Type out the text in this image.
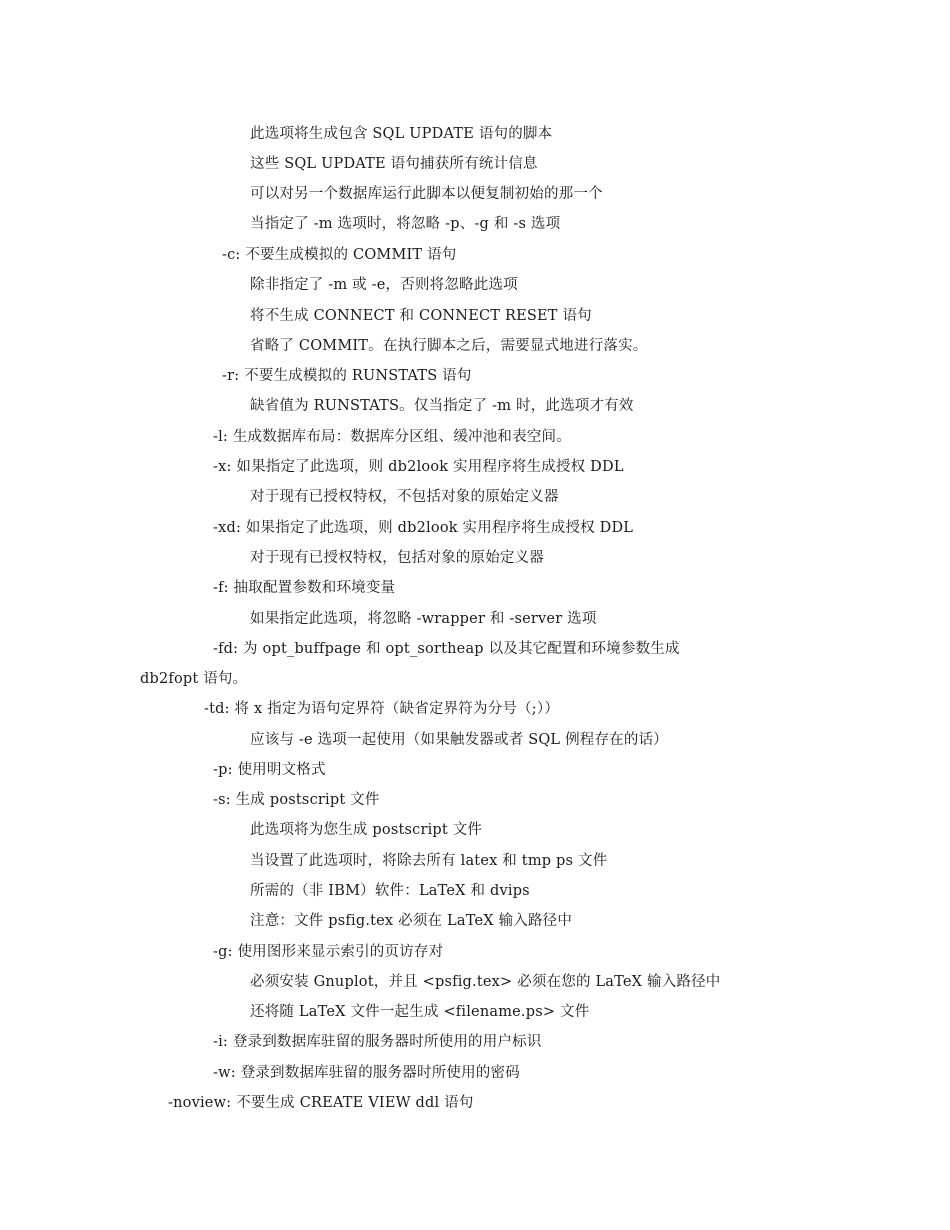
此选项将生成包含 SQL UPDATE 语句的脚本
这些 SQL UPDATE 语句捕获所有统计信息
可以对另一个数据库运行此脚本以便复制初始的那一个
当指定了 -m 选项时，将忽略 -p、-g 和 -s 选项
-c: 不要生成模拟的 COMMIT 语句
除非指定了 -m 或 -e，否则将忽略此选项
将不生成 CONNECT 和 CONNECT RESET 语句
省略了 COMMIT。在执行脚本之后，需要显式地进行落实。
-r: 不要生成模拟的 RUNSTATS 语句
缺省值为 RUNSTATS。仅当指定了 -m 时，此选项才有效
-l: 生成数据库布局：数据库分区组、缓冲池和表空间。
-x: 如果指定了此选项，则 db2look 实用程序将生成授权 DDL
对于现有已授权特权，不包括对象的原始定义器
-xd: 如果指定了此选项，则 db2look 实用程序将生成授权 DDL
对于现有已授权特权，包括对象的原始定义器
-f: 抽取配置参数和环境变量
如果指定此选项，将忽略 -wrapper 和 -server 选项
-fd: 为 opt_buffpage 和 opt_sortheap 以及其它配置和环境参数生成
db2fopt 语句。
-td: 将 x 指定为语句定界符（缺省定界符为分号（;））
应该与 -e 选项一起使用（如果触发器或者 SQL 例程存在的话）
-p: 使用明文格式
-s: 生成 postscript 文件
此选项将为您生成 postscript 文件
当设置了此选项时，将除去所有 latex 和 tmp ps 文件
所需的（非 IBM）软件：LaTeX 和 dvips
注意：文件 psfig.tex 必须在 LaTeX 输入路径中
-g: 使用图形来显示索引的页访存对
必须安装 Gnuplot，并且 <psfig.tex> 必须在您的 LaTeX 输入路径中
还将随 LaTeX 文件一起生成 <filename.ps> 文件
-i: 登录到数据库驻留的服务器时所使用的用户标识
-w: 登录到数据库驻留的服务器时所使用的密码
-noview: 不要生成 CREATE VIEW ddl 语句
